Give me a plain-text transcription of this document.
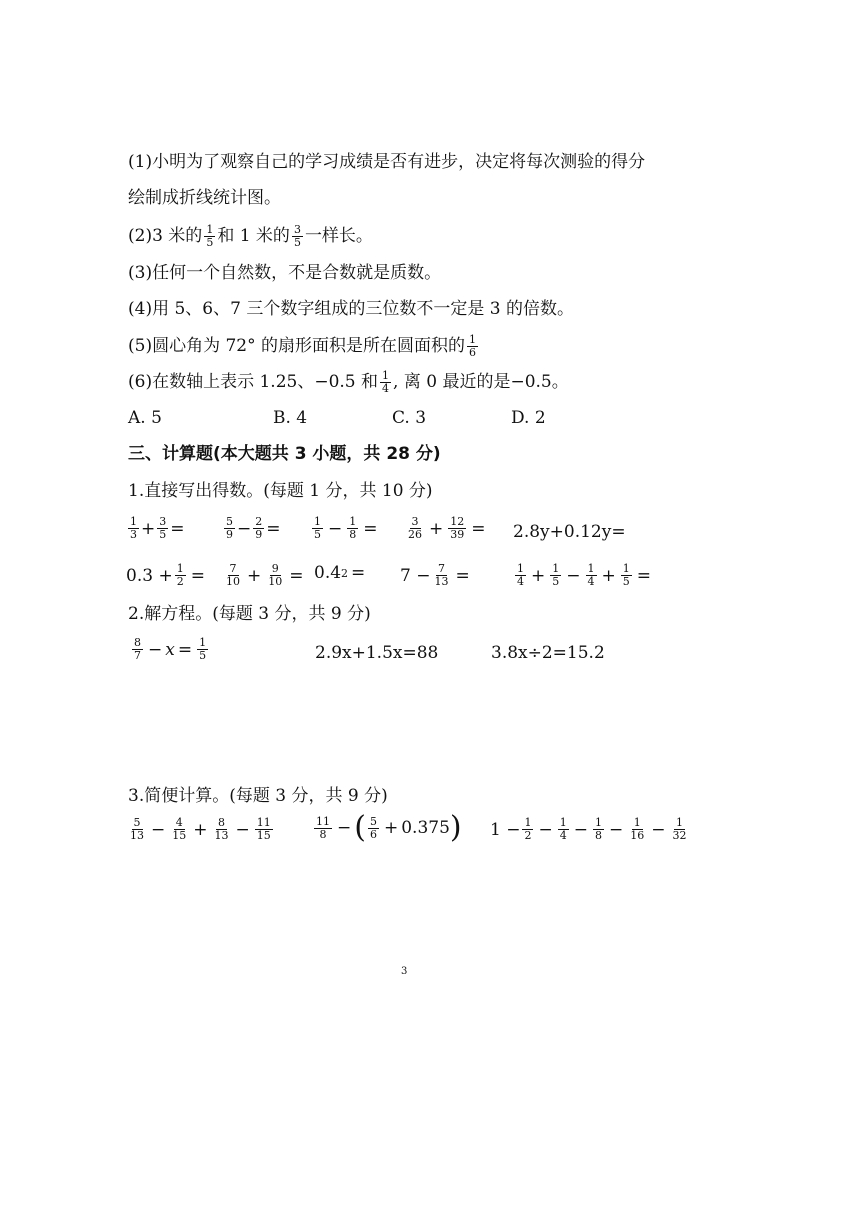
(1)小明为了观察自己的学习成绩是否有进步，决定将每次测验的得分
绘制成折线统计图。
(2)3 米的 $\frac{1}{5}$ 和 1 米的 $\frac{3}{5}$ 一样长。
(3)任何一个自然数，不是合数就是质数。
(4)用 5、6、7 三个数字组成的三位数不一定是 3 的倍数。
(5)圆心角为 72° 的扇形面积是所在圆面积的 $\frac{1}{6}$
(6)在数轴上表示 1.25、−0.5 和 $\frac{1}{4}$ , 离 0 最近的是−0.5。
A. 5	B. 4	C. 3	D. 2
三、计算题(本大题共 3 小题，共 28 分)
1.直接写出得数。(每题 1 分，共 10 分)
$\frac{1}{3} + \frac{3}{5}$ =	$\frac{5}{9} - \frac{2}{9}$ =	$\frac{1}{5} - \frac{1}{8}$ =	$\frac{3}{26} + \frac{12}{39} = 2.8y+0.12y=$
$0.3 + \frac{1}{2} = \frac{7}{10} + \frac{9}{10} = 0.4$ $2 = 7 - \frac{7}{13}$ =	$\frac{1}{4} + \frac{1}{5} - \frac{1}{4} + \frac{1}{5}$ =
2.解方程。(每题 3 分，共 9 分)
$\frac{8}{7} - x = \frac{1}{5}$	2.9x+1.5x=88	3.8x÷2=15.2
3.简便计算。(每题 3 分，共 9 分)
$\frac{5}{13} - \frac{4}{15} + \frac{8}{13} - \frac{11}{15}$	$\frac{11}{8}$ − ( $\frac{5}{6} + 0.375$ ) $1 - \frac{1}{2} - \frac{1}{4} - \frac{1}{8} - \frac{1}{16} - \frac{1}{32}$
3
